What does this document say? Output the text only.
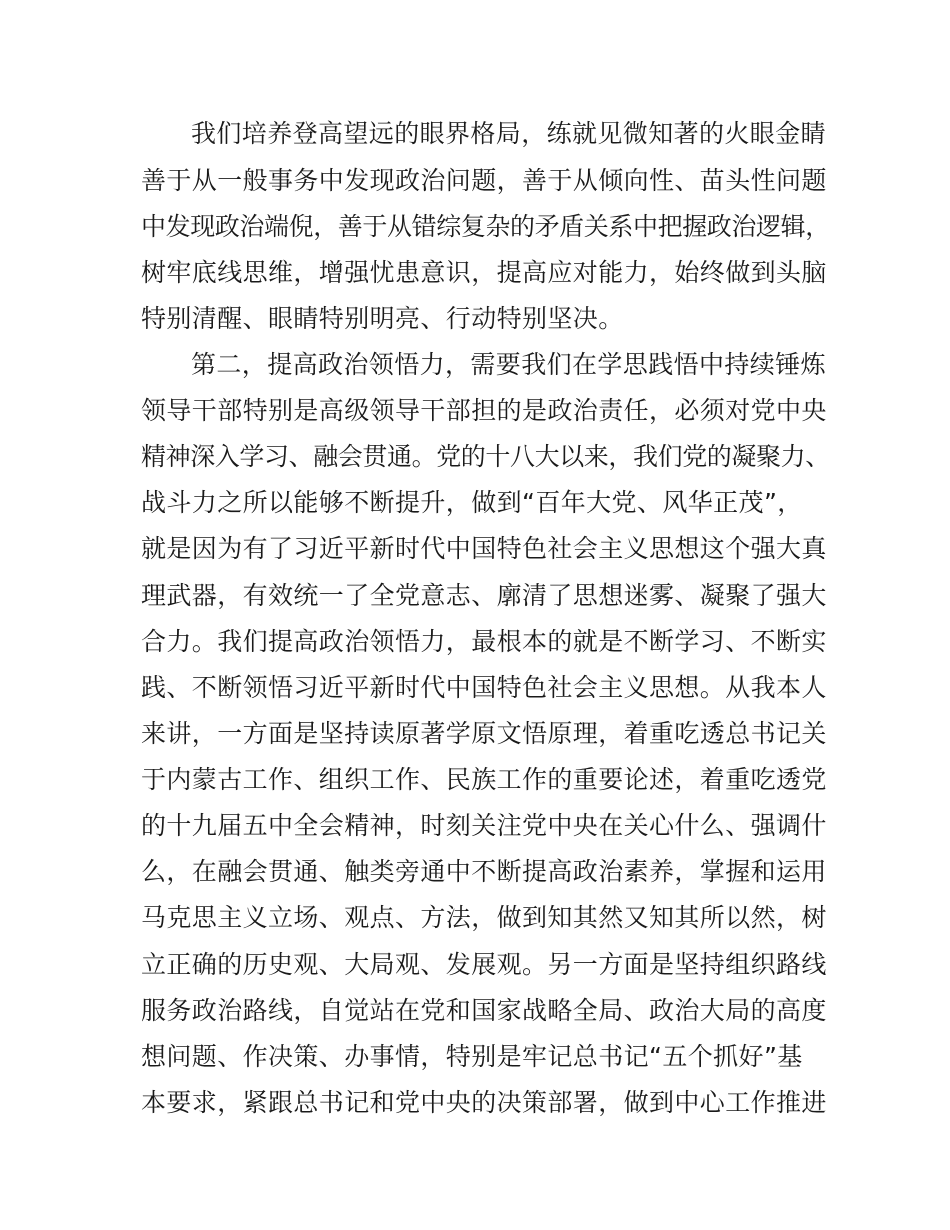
我们培养登高望远的眼界格局，练就见微知著的火眼金睛
善于从一般事务中发现政治问题，善于从倾向性、苗头性问题
中发现政治端倪，善于从错综复杂的矛盾关系中把握政治逻辑，
树牢底线思维，增强忧患意识，提高应对能力，始终做到头脑
特别清醒、眼睛特别明亮、行动特别坚决。
第二，提高政治领悟力，需要我们在学思践悟中持续锤炼
领导干部特别是高级领导干部担的是政治责任，必须对党中央
精神深入学习、融会贯通。党的十八大以来，我们党的凝聚力、
战斗力之所以能够不断提升，做到“百年大党、风华正茂”，
就是因为有了习近平新时代中国特色社会主义思想这个强大真
理武器，有效统一了全党意志、廓清了思想迷雾、凝聚了强大
合力。我们提高政治领悟力，最根本的就是不断学习、不断实
践、不断领悟习近平新时代中国特色社会主义思想。从我本人
来讲，一方面是坚持读原著学原文悟原理，着重吃透总书记关
于内蒙古工作、组织工作、民族工作的重要论述，着重吃透党
的十九届五中全会精神，时刻关注党中央在关心什么、强调什
么，在融会贯通、触类旁通中不断提高政治素养，掌握和运用
马克思主义立场、观点、方法，做到知其然又知其所以然，树
立正确的历史观、大局观、发展观。另一方面是坚持组织路线
服务政治路线，自觉站在党和国家战略全局、政治大局的高度
想问题、作决策、办事情，特别是牢记总书记“五个抓好”基
本要求，紧跟总书记和党中央的决策部署，做到中心工作推进
